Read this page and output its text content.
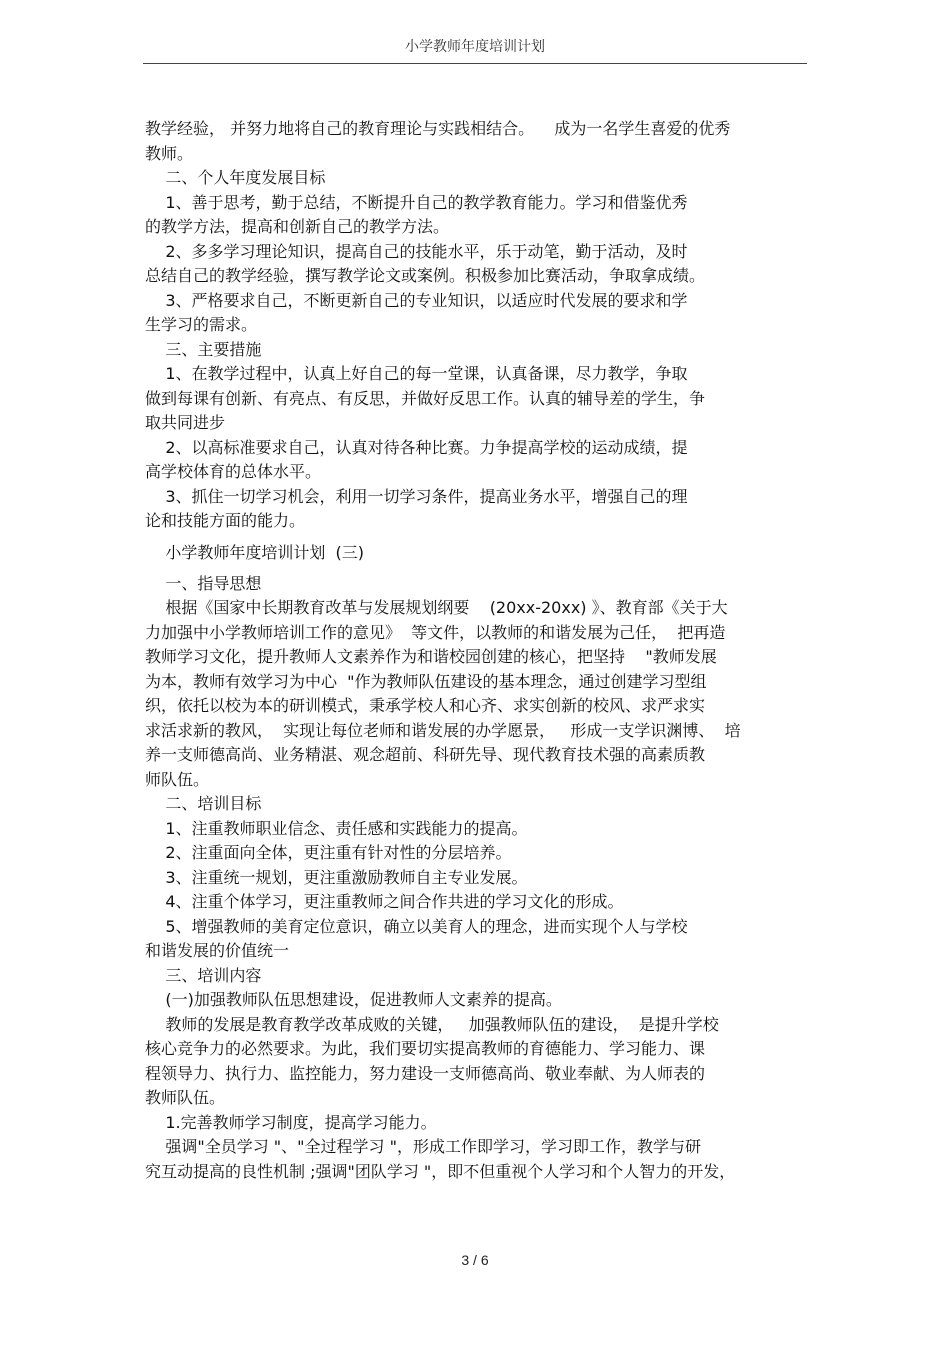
小学教师年度培训计划
教学经验， 并努力地将自己的教育理论与实践相结合。    成为一名学生喜爱的优秀
教师。
二、个人年度发展目标
1、善于思考，勤于总结，不断提升自己的教学教育能力。学习和借鉴优秀
的教学方法，提高和创新自己的教学方法。
2、多多学习理论知识，提高自己的技能水平，乐于动笔，勤于活动，及时
总结自己的教学经验，撰写教学论文或案例。积极参加比赛活动，争取拿成绩。
3、严格要求自己，不断更新自己的专业知识，以适应时代发展的要求和学
生学习的需求。
三、主要措施
1、在教学过程中，认真上好自己的每一堂课，认真备课，尽力教学，争取
做到每课有创新、有亮点、有反思，并做好反思工作。认真的辅导差的学生，争
取共同进步
2、以高标准要求自己，认真对待各种比赛。力争提高学校的运动成绩，提
高学校体育的总体水平。
3、抓住一切学习机会，利用一切学习条件，提高业务水平，增强自己的理
论和技能方面的能力。
小学教师年度培训计划  (三)
一、指导思想
根据《国家中长期教育改革与发展规划纲要    (20xx-20xx) 》、教育部《关于大
力加强中小学教师培训工作的意见》  等文件，以教师的和谐发展为己任，  把再造
教师学习文化，提升教师人文素养作为和谐校园创建的核心，把坚持    "教师发展
为本，教师有效学习为中心  "作为教师队伍建设的基本理念，通过创建学习型组
织，依托以校为本的研训模式，秉承学校人和心齐、求实创新的校风、求严求实
求活求新的教风，  实现让每位老师和谐发展的办学愿景，   形成一支学识渊博、  培
养一支师德高尚、业务精湛、观念超前、科研先导、现代教育技术强的高素质教
师队伍。
二、培训目标
1、注重教师职业信念、责任感和实践能力的提高。
2、注重面向全体，更注重有针对性的分层培养。
3、注重统一规划，更注重激励教师自主专业发展。
4、注重个体学习，更注重教师之间合作共进的学习文化的形成。
5、增强教师的美育定位意识，确立以美育人的理念，进而实现个人与学校
和谐发展的价值统一
三、培训内容
(一)加强教师队伍思想建设，促进教师人文素养的提高。
教师的发展是教育教学改革成败的关键，   加强教师队伍的建设，  是提升学校
核心竞争力的必然要求。为此，我们要切实提高教师的育德能力、学习能力、课
程领导力、执行力、监控能力，努力建设一支师德高尚、敬业奉献、为人师表的
教师队伍。
1.完善教师学习制度，提高学习能力。
强调"全员学习 "、"全过程学习 "，形成工作即学习，学习即工作，教学与研
究互动提高的良性机制 ;强调"团队学习 "，即不但重视个人学习和个人智力的开发，
3 / 6
